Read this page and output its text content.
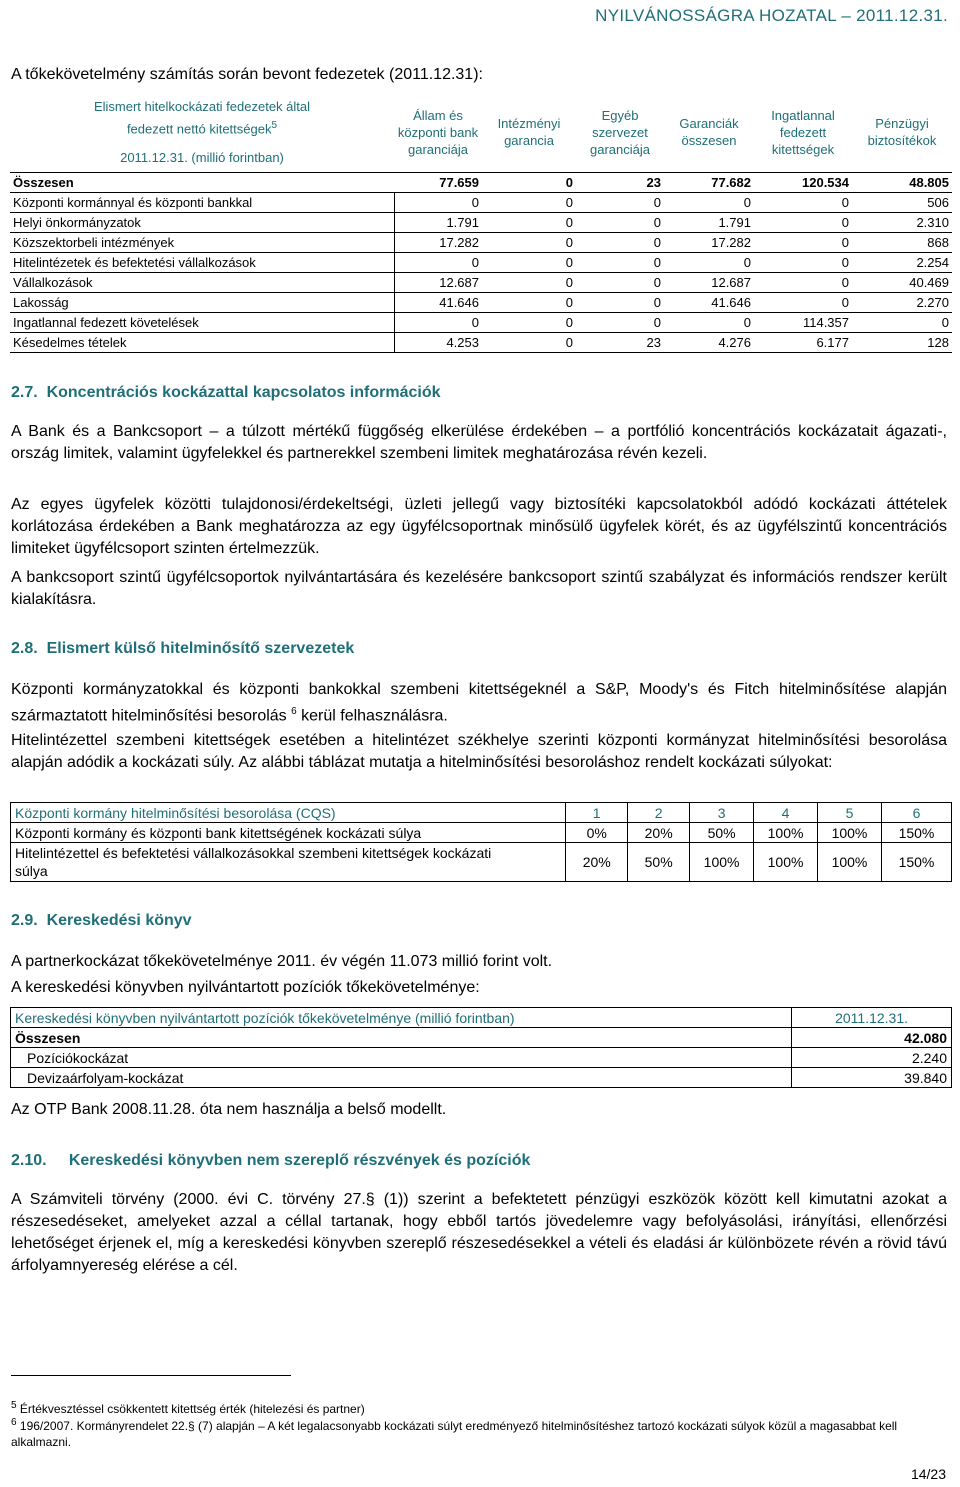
NYILVÁNOSSÁGRA HOZATAL – 2011.12.31.
A tőkekövetelmény számítás során bevont fedezetek (2011.12.31):
Elismert hitelkockázati fedezetek által
fedezett nettó kitettségek$^5$
2011.12.31. (millió forintban)	Állam és központi bank garanciája	Intézményi garancia	Egyéb szervezet garanciája	Garanciák összesen	Ingatlannal fedezett kitettségek	Pénzügyi biztosítékok
Összesen	77.659	0	23	77.682	120.534	48.805
Központi kormánnyal és központi bankkal	0	0	0	0	0	506
Helyi önkormányzatok	1.791	0	0	1.791	0	2.310
Közszektorbeli intézmények	17.282	0	0	17.282	0	868
Hitelintézetek és befektetési vállalkozások	0	0	0	0	0	2.254
Vállalkozások	12.687	0	0	12.687	0	40.469
Lakosság	41.646	0	0	41.646	0	2.270
Ingatlannal fedezett követelések	0	0	0	0	114.357	0
Késedelmes tételek	4.253	0	23	4.276	6.177	128
2.7. Koncentrációs kockázattal kapcsolatos információk

A Bank és a Bankcsoport – a túlzott mértékű függőség elkerülése érdekében – a portfólió koncentrációs kockázatait ágazati-, ország limitek, valamint ügyfelekkel és partnerekkel szembeni limitek meghatározása révén kezeli.

Az egyes ügyfelek közötti tulajdonosi/érdekeltségi, üzleti jellegű vagy biztosítéki kapcsolatokból adódó kockázati áttételek korlátozása érdekében a Bank meghatározza az egy ügyfélcsoportnak minősülő ügyfelek körét, és az ügyfélszintű koncentrációs limiteket ügyfélcsoport szinten értelmezzük.

A bankcsoport szintű ügyfélcsoportok nyilvántartására és kezelésére bankcsoport szintű szabályzat és információs rendszer került kialakításra.

2.8. Elismert külső hitelminősítő szervezetek

Központi kormányzatokkal és központi bankokkal szembeni kitettségeknél a S&P, Moody's és Fitch hitelminősítése alapján származtatott hitelminősítési besorolás $^6$ kerül felhasználásra.

Hitelintézettel szembeni kitettségek esetében a hitelintézet székhelye szerinti központi kormányzat hitelminősítési besorolása alapján adódik a kockázati súly. Az alábbi táblázat mutatja a hitelminősítési besoroláshoz rendelt kockázati súlyokat:

Központi kormány hitelminősítési besorolása (CQS)	1	2	3	4	5	6
Központi kormány és központi bank kitettségének kockázati súlya	0%	20%	50%	100%	100%	150%
Hitelintézettel és befektetési vállalkozásokkal szembeni kitettségek kockázati súlya	20%	50%	100%	100%	100%	150%
2.9. Kereskedési könyv

A partnerkockázat tőkekövetelménye 2011. év végén 11.073 millió forint volt.

A kereskedési könyvben nyilvántartott pozíciók tőkekövetelménye:

Kereskedési könyvben nyilvántartott pozíciók tőkekövetelménye (millió forintban)	2011.12.31.
Összesen	42.080
Pozíciókockázat	2.240
Devizaárfolyam-kockázat	39.840

Az OTP Bank 2008.11.28. óta nem használja a belső modellt.

2.10. Kereskedési könyvben nem szereplő részvények és pozíciók

A Számviteli törvény (2000. évi C. törvény 27.§ (1)) szerint a befektetett pénzügyi eszközök között kell kimutatni azokat a részesedéseket, amelyeket azzal a céllal tartanak, hogy ebből tartós jövedelemre vagy befolyásolási, irányítási, ellenőrzési lehetőséget érjenek el, míg a kereskedési könyvben szereplő részesedésekkel a vételi és eladási ár különbözete révén a rövid távú árfolyamnyereség elérése a cél.

$^5$ Értékvesztéssel csökkentett kitettség érték (hitelezési és partner)
$^6$ 196/2007. Kormányrendelet 22.§ (7) alapján – A két legalacsonyabb kockázati súlyt eredményező hitelminősítéshez tartozó kockázati súlyok közül a magasabbat kell alkalmazni.
14/23
